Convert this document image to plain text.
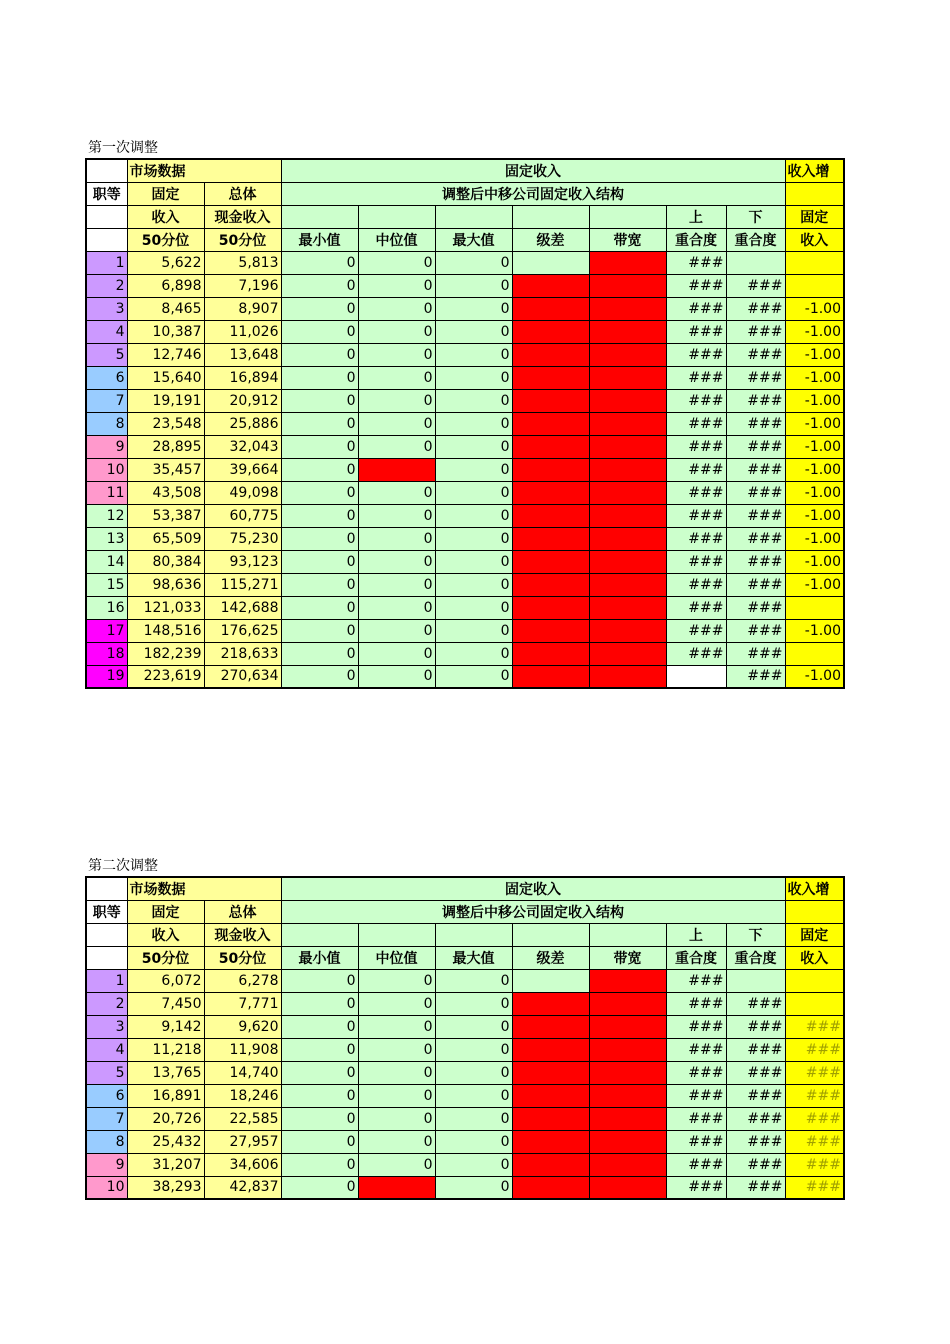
第一次调整
	市场数据		固定收入							收入增
职等	固定	总体	调整后中移公司固定收入结构							
	收入	现金收入						上	下	固定
	50分位	50分位	最小值	中位值	最大值	级差	带宽	重合度	重合度	收入
1	5,622	5,813	0	0	0			###		
2	6,898	7,196	0	0	0			###	###	
3	8,465	8,907	0	0	0			###	###	-1.00
4	10,387	11,026	0	0	0			###	###	-1.00
5	12,746	13,648	0	0	0			###	###	-1.00
6	15,640	16,894	0	0	0			###	###	-1.00
7	19,191	20,912	0	0	0			###	###	-1.00
8	23,548	25,886	0	0	0			###	###	-1.00
9	28,895	32,043	0	0	0			###	###	-1.00
10	35,457	39,664	0		0			###	###	-1.00
11	43,508	49,098	0	0	0			###	###	-1.00
12	53,387	60,775	0	0	0			###	###	-1.00
13	65,509	75,230	0	0	0			###	###	-1.00
14	80,384	93,123	0	0	0			###	###	-1.00
15	98,636	115,271	0	0	0			###	###	-1.00
16	121,033	142,688	0	0	0			###	###	
17	148,516	176,625	0	0	0			###	###	-1.00
18	182,239	218,633	0	0	0			###	###	
19	223,619	270,634	0	0	0				###	-1.00
第二次调整
	市场数据		固定收入							收入增
职等	固定	总体	调整后中移公司固定收入结构							
	收入	现金收入						上	下	固定
	50分位	50分位	最小值	中位值	最大值	级差	带宽	重合度	重合度	收入
1	6,072	6,278	0	0	0			###		
2	7,450	7,771	0	0	0			###	###	
3	9,142	9,620	0	0	0			###	###	###
4	11,218	11,908	0	0	0			###	###	###
5	13,765	14,740	0	0	0			###	###	###
6	16,891	18,246	0	0	0			###	###	###
7	20,726	22,585	0	0	0			###	###	###
8	25,432	27,957	0	0	0			###	###	###
9	31,207	34,606	0	0	0			###	###	###
10	38,293	42,837	0		0			###	###	###
